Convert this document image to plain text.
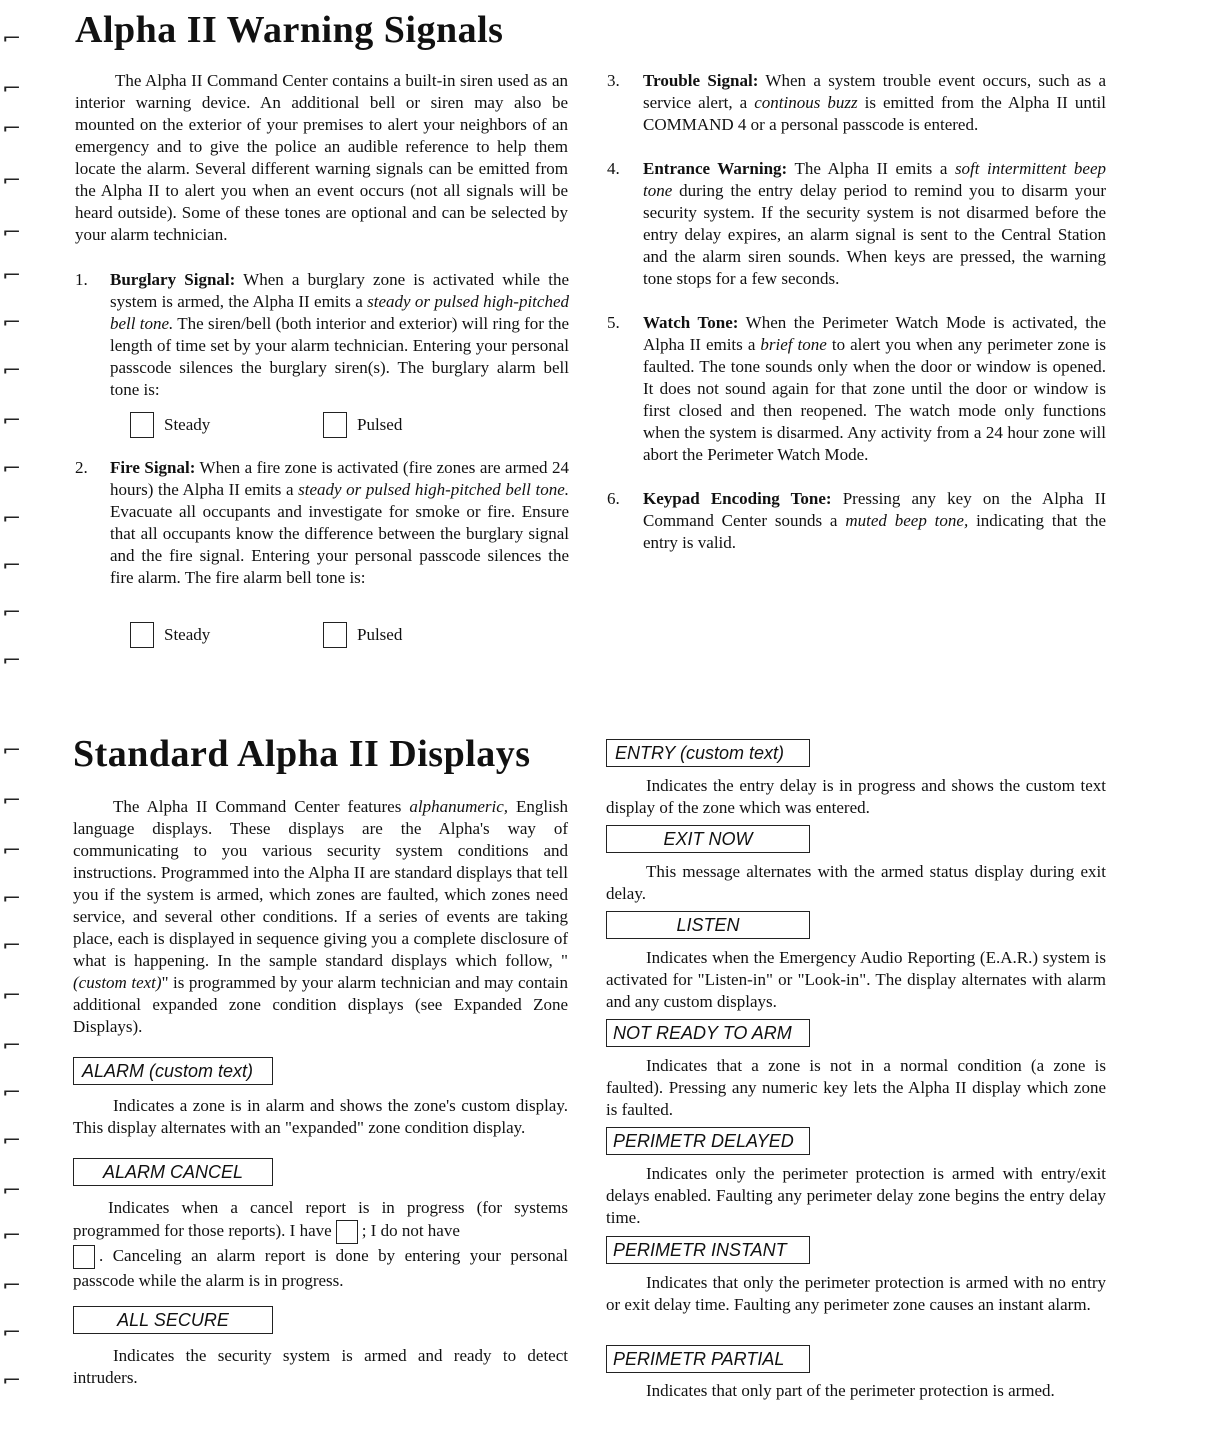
⌐
⌐
⌐
⌐
⌐
⌐
⌐
⌐
⌐
⌐
⌐
⌐
⌐
⌐
⌐
⌐
⌐
⌐
⌐
⌐
⌐
⌐
⌐
⌐
⌐
⌐
⌐
⌐
Alpha II Warning Signals

The Alpha II Command Center contains a built-in siren used as an interior warning device. An additional bell or siren may also be mounted on the exterior of your premises to alert your neighbors of an emergency and to give the police an audible reference to help them locate the alarm. Several different warning signals can be emitted from the Alpha II to alert you when an event occurs (not all signals will be heard outside). Some of these tones are optional and can be selected by your alarm technician.

1. Burglary Signal: When a burglary zone is activated while the system is armed, the Alpha II emits a steady or pulsed high-pitched bell tone. The siren/bell (both interior and exterior) will ring for the length of time set by your alarm technician. Entering your personal passcode silences the burglary siren(s). The burglary alarm bell tone is:

Steady	Pulsed
2. Fire Signal: When a fire zone is activated (fire zones are armed 24 hours) the Alpha II emits a steady or pulsed high-pitched bell tone. Evacuate all occupants and investigate for smoke or fire. Ensure that all occupants know the difference between the burglary signal and the fire signal. Entering your personal passcode silences the fire alarm. The fire alarm bell tone is:

Steady	Pulsed
3. Trouble Signal: When a system trouble event occurs, such as a service alert, a continous buzz is emitted from the Alpha II until COMMAND 4 or a personal passcode is entered.

4. Entrance Warning: The Alpha II emits a soft intermittent beep tone during the entry delay period to remind you to disarm your security system. If the security system is not disarmed before the entry delay expires, an alarm signal is sent to the Central Station and the alarm siren sounds. When keys are pressed, the warning tone stops for a few seconds.

5. Watch Tone: When the Perimeter Watch Mode is activated, the Alpha II emits a brief tone to alert you when any perimeter zone is faulted. The tone sounds only when the door or window is opened. It does not sound again for that zone until the door or window is first closed and then reopened. The watch mode only functions when the system is disarmed. Any activity from a 24 hour zone will abort the Perimeter Watch Mode.

6. Keypad Encoding Tone: Pressing any key on the Alpha II Command Center sounds a muted beep tone, indicating that the entry is valid.

Standard Alpha II Displays

The Alpha II Command Center features alphanumeric, English language displays. These displays are the Alpha's way of communicating to you various security system conditions and instructions. Programmed into the Alpha II are standard displays that tell you if the system is armed, which zones are faulted, which zones need service, and several other conditions. If a series of events are taking place, each is displayed in sequence giving you a complete disclosure of what is happening. In the sample standard displays which follow, "(custom text)" is programmed by your alarm technician and may contain additional expanded zone condition displays (see Expanded Zone Displays).

ALARM (custom text)

Indicates a zone is in alarm and shows the zone's custom display. This display alternates with an "expanded" zone condition display.

ALARM CANCEL

Indicates when a cancel report is in progress (for systems programmed for those reports). I have ; I do not have
. Canceling an alarm report is done by entering your personal passcode while the alarm is in progress.

ALL SECURE

Indicates the security system is armed and ready to detect intruders.

ENTRY (custom text)

Indicates the entry delay is in progress and shows the custom text display of the zone which was entered.

EXIT NOW

This message alternates with the armed status display during exit delay.

LISTEN

Indicates when the Emergency Audio Reporting (E.A.R.) system is activated for "Listen-in" or "Look-in". The display alternates with alarm and any custom displays.

NOT READY TO ARM

Indicates that a zone is not in a normal condition (a zone is faulted). Pressing any numeric key lets the Alpha II display which zone is faulted.

PERIMETR DELAYED

Indicates only the perimeter protection is armed with entry/exit delays enabled. Faulting any perimeter delay zone begins the entry delay time.

PERIMETR INSTANT

Indicates that only the perimeter protection is armed with no entry or exit delay time. Faulting any perimeter zone causes an instant alarm.

PERIMETR PARTIAL

Indicates that only part of the perimeter protection is armed.
